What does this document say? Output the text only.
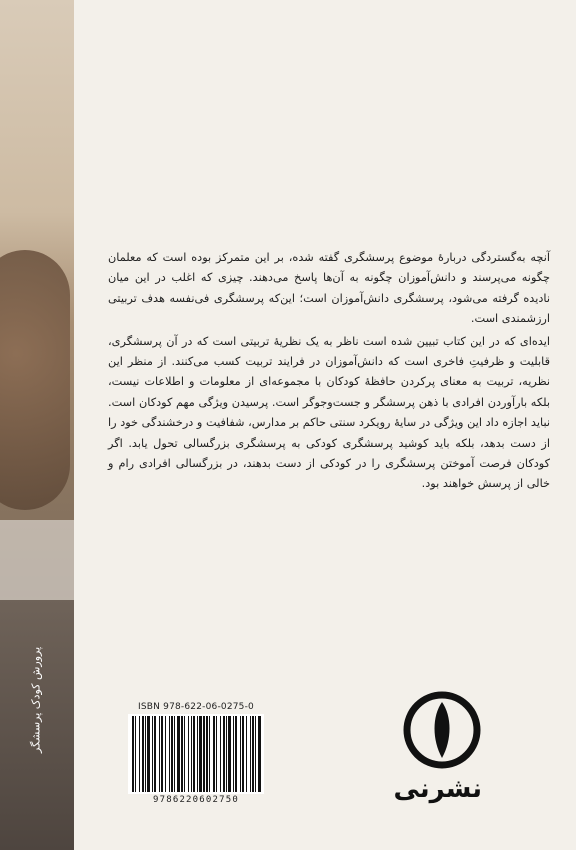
پرورش کودک پرسشگر

آنچه به‌گستردگی دربارهٔ موضوع پرسشگری گفته شده، بر این متمرکز بوده است که معلمان چگونه می‌پرسند و دانش‌آموزان چگونه به آن‌ها پاسخ می‌دهند. چیزی که اغلب در این میان نادیده گرفته می‌شود، پرسشگری دانش‌آموزان است؛ این‌که پرسشگری فی‌نفسه هدف تربیتی ارزشمندی است.

ایده‌ای که در این کتاب تبیین شده است ناظر به یک نظریهٔ تربیتی است که در آن پرسشگری، قابلیت و ظرفیتِ فاخری است که دانش‌آموزان در فرایند تربیت کسب می‌کنند. از منظر این نظریه، تربیت به معنای پرکردن حافظهٔ کودکان با مجموعه‌ای از معلومات و اطلاعات نیست، بلکه بارآوردن افرادی با ذهن پرسشگر و جست‌وجوگر است. پرسیدن ویژگی مهم کودکان است. نباید اجازه داد این ویژگی در سایهٔ رویکرد سنتی حاکم بر مدارس، شفافیت و درخشندگی خود را از دست بدهد، بلکه باید کوشید پرسشگری کودکی به پرسشگری بزرگسالی تحول یابد. اگر کودکان فرصت آموختن پرسشگری را در کودکی از دست بدهند، در بزرگسالی افرادی رام و خالی از پرسش خواهند بود.

ISBN 978-622-06-0275-0
9786220602750	نشرنی
